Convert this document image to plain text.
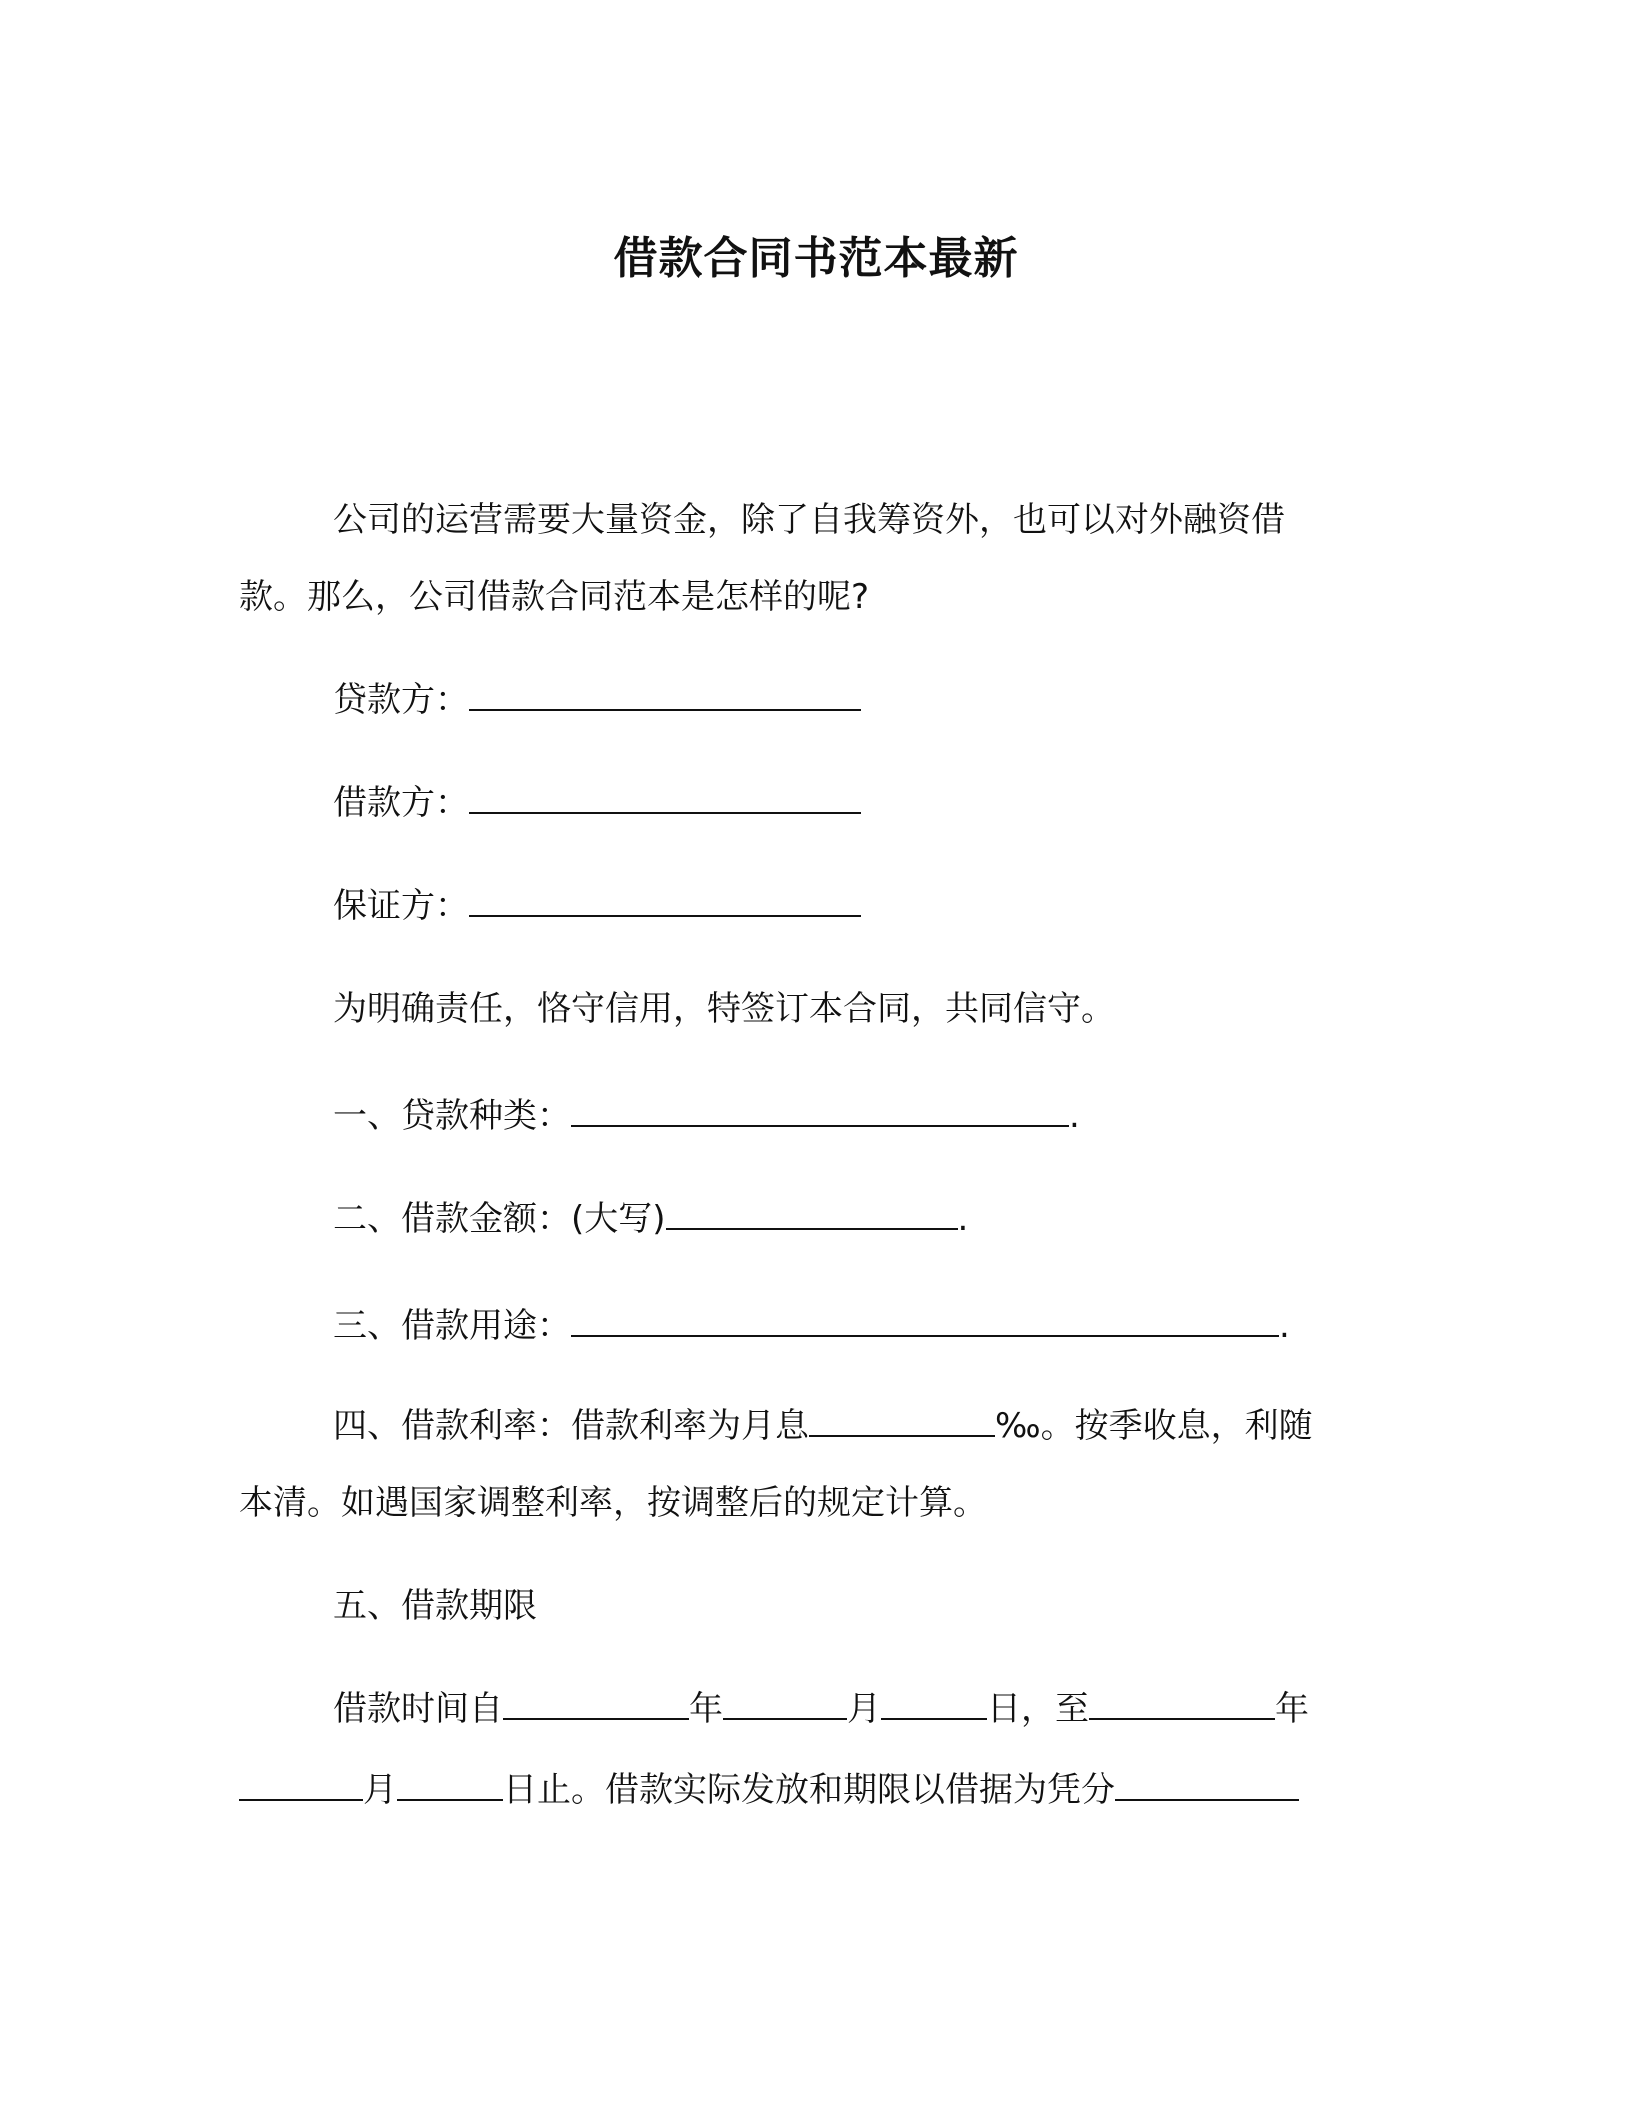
借款合同书范本最新
公司的运营需要大量资金，除了自我筹资外，也可以对外融资借
款。那么，公司借款合同范本是怎样的呢?
贷款方：
借款方：
保证方：
为明确责任，恪守信用，特签订本合同，共同信守。
一、贷款种类：	.
二、借款金额：(大写)	.
三、借款用途：	.
四、借款利率：借款利率为月息	‰。按季收息，利随
本清。如遇国家调整利率，按调整后的规定计算。
五、借款期限
借款时间自	年	月	日，至	年
月	日止。借款实际发放和期限以借据为凭分
